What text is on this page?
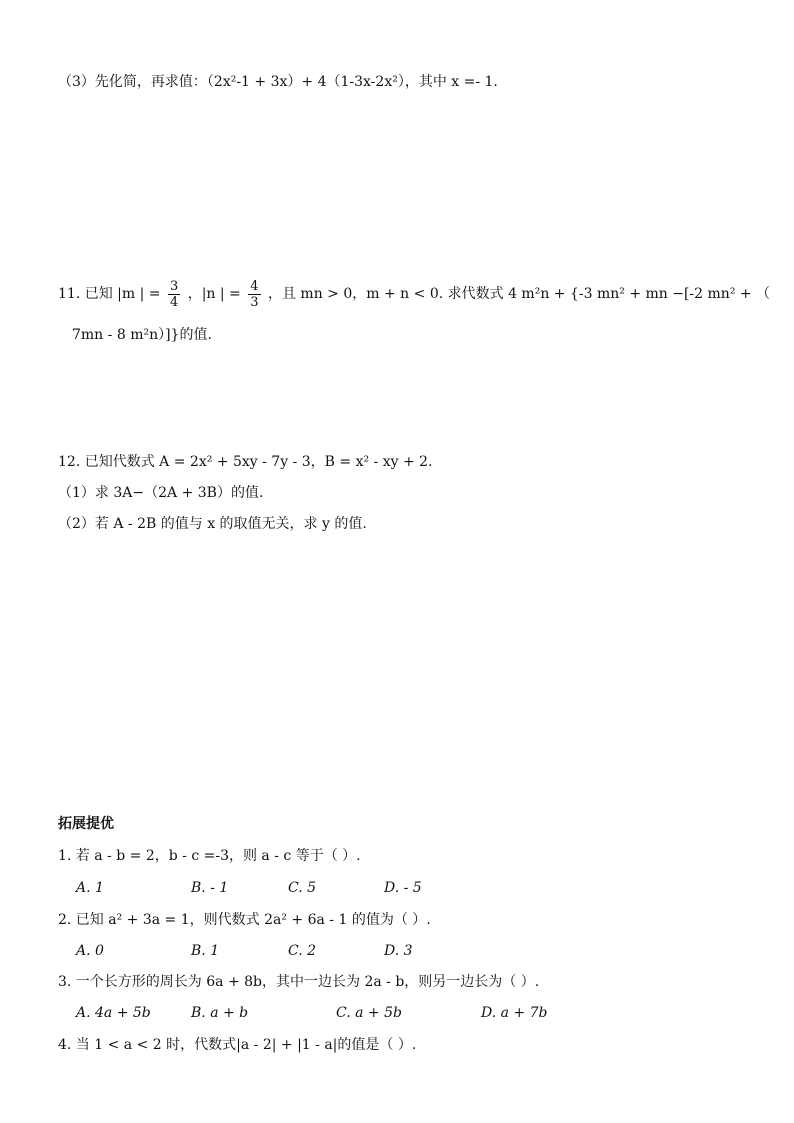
（3）先化简，再求值：（2x²-1 + 3x）+ 4（1-3x-2x²），其中 x =- 1.
11. 已知 |m | = $\frac{3}{4}$ ，|n | = $\frac{4}{3}$ ，且 mn > 0，m + n < 0. 求代数式 4 m²n + {-3 mn² + mn −[-2 mn² + （
7mn - 8 m²n）]}的值.
12. 已知代数式 A = 2x² + 5xy - 7y - 3，B = x² - xy + 2.
（1）求 3A−（2A + 3B）的值.
（2）若 A - 2B 的值与 x 的取值无关，求 y 的值.
拓展提优
1. 若 a - b = 2，b - c =-3，则 a - c 等于（ ）.
A. 1	B. - 1	C. 5	D. - 5
2. 已知 a² + 3a = 1，则代数式 2a² + 6a - 1 的值为（ ）.
A. 0	B. 1	C. 2	D. 3
3. 一个长方形的周长为 6a + 8b，其中一边长为 2a - b，则另一边长为（ ）.
A. 4a + 5b	B. a + b	C. a + 5b	D. a + 7b
4. 当 1 < a < 2 时，代数式|a - 2| + |1 - a|的值是（ ）.
